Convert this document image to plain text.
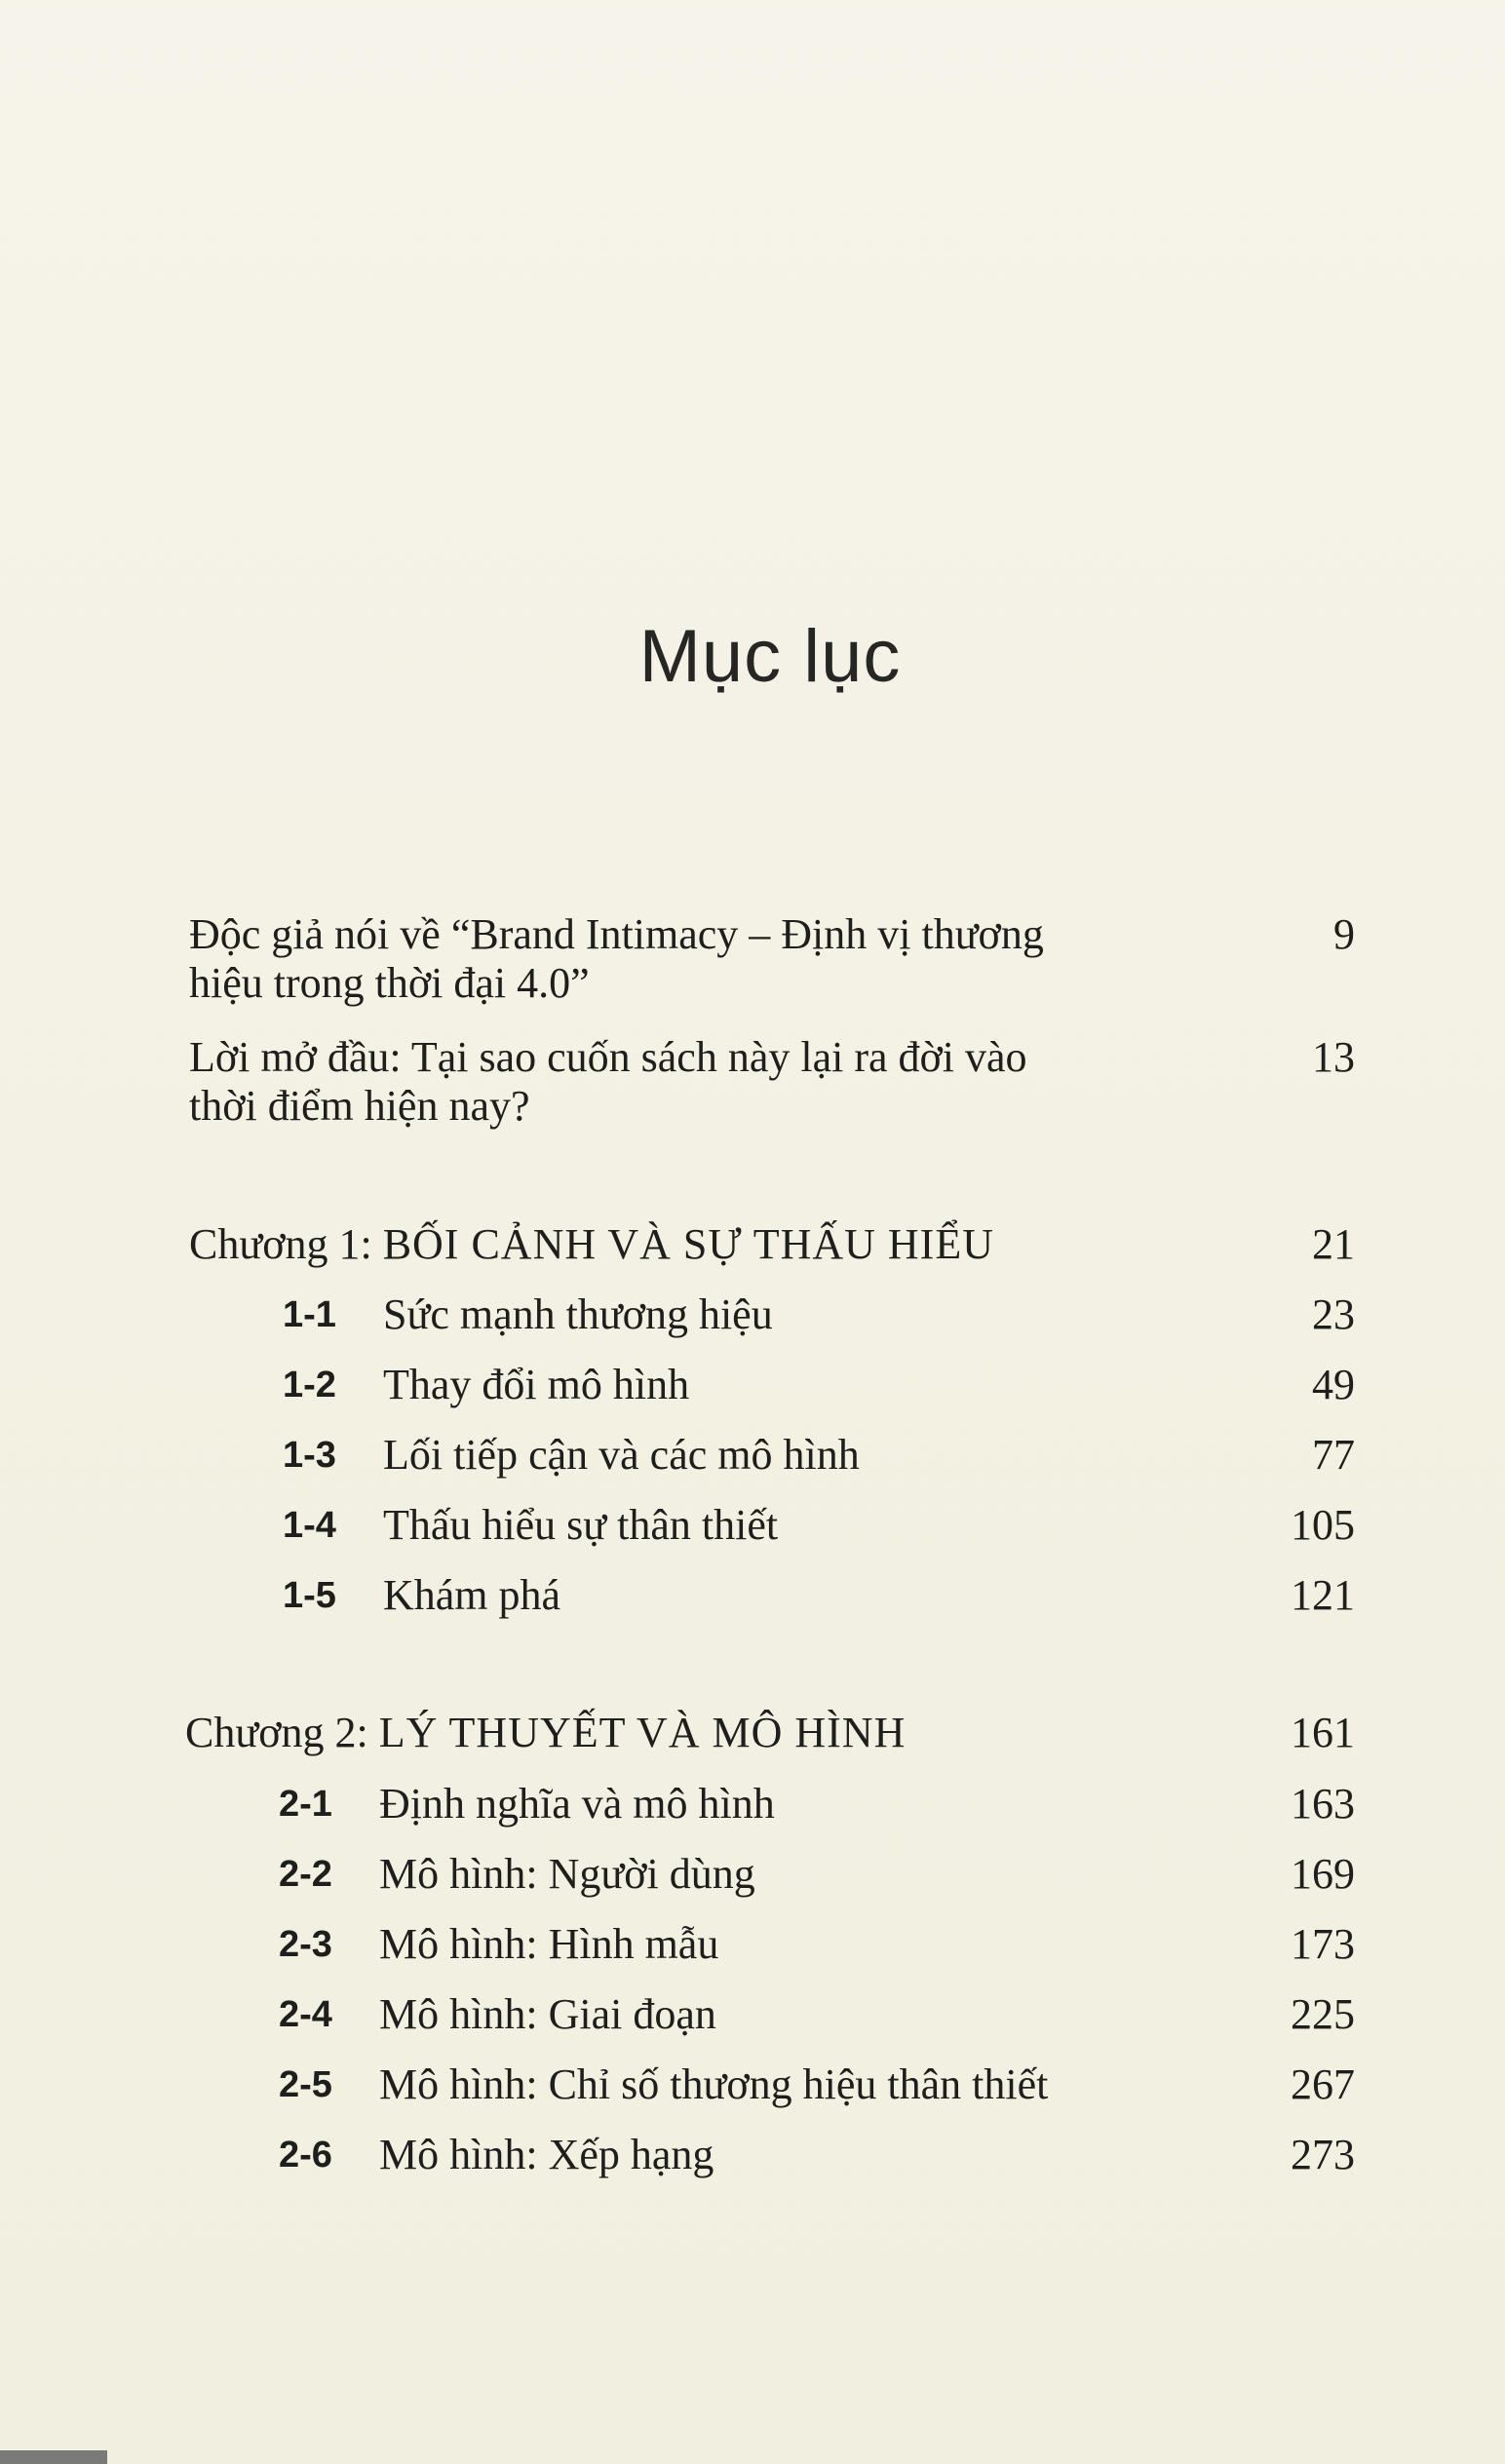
Mục lục
Độc giả nói về “Brand Intimacy – Định vị thương
hiệu trong thời đại 4.0”
9
Lời mở đầu: Tại sao cuốn sách này lại ra đời vào
thời điểm hiện nay?
13
Chương 1: BỐI CẢNH VÀ SỰ THẤU HIỂU	21
1-1 Sức mạnh thương hiệu	23
1-2 Thay đổi mô hình	49
1-3 Lối tiếp cận và các mô hình	77
1-4 Thấu hiểu sự thân thiết	105
1-5 Khám phá	121
Chương 2: LÝ THUYẾT VÀ MÔ HÌNH	161
2-1 Định nghĩa và mô hình	163
2-2 Mô hình: Người dùng	169
2-3 Mô hình: Hình mẫu	173
2-4 Mô hình: Giai đoạn	225
2-5 Mô hình: Chỉ số thương hiệu thân thiết	267
2-6 Mô hình: Xếp hạng	273
